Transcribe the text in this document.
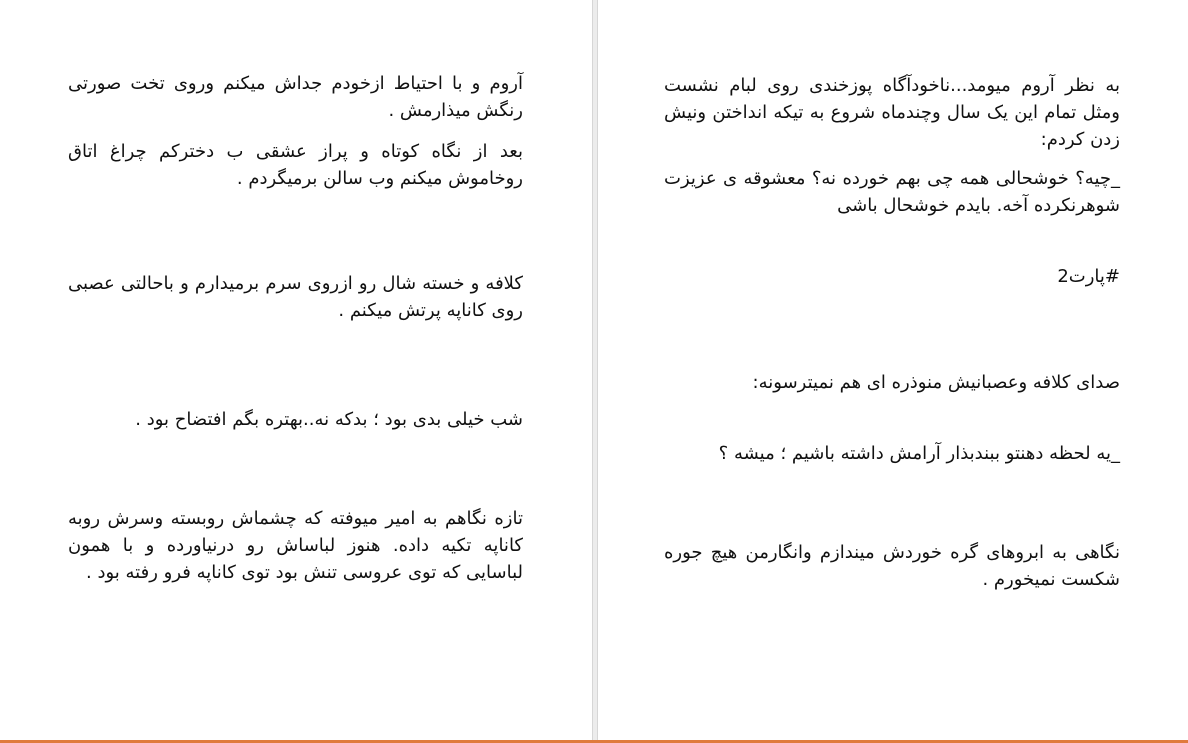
آروم و با احتیاط ازخودم جداش میکنم وروی تخت صورتی رنگش میذارمش .

بعد از نگاه کوتاه و پراز عشقی ب دخترکم چراغ اتاق روخاموش میکنم وب سالن برمیگردم .

کلافه و خسته شال رو ازروی سرم برمیدارم و باحالتی عصبی روی کاناپه پرتش میکنم .

شب خیلی بدی بود ؛ بدکه نه..بهتره بگم افتضاح بود .

تازه نگاهم به امیر میوفته که چشماش روبسته وسرش روبه کاناپه تکیه داده. هنوز لباساش رو درنیاورده و با همون لباسایی که توی عروسی تنش بود توی کاناپه فرو رفته بود .

به نظر آروم میومد...ناخودآگاه پوزخندی روی لبام نشست ومثل تمام این یک سال وچندماه شروع به تیکه انداختن ونیش زدن کردم:

_چیه؟ خوشحالی همه چی بهم خورده نه؟ معشوقه ی عزیزت شوهرنکرده آخه. بایدم خوشحال باشی

#پارت2

صدای کلافه وعصبانیش منوذره ای هم نمیترسونه:

_یه لحظه دهنتو ببندبذار آرامش داشته باشیم ؛ میشه ؟

نگاهی به ابروهای گره خوردش میندازم وانگارمن هیچ جوره شکست نمیخورم .
